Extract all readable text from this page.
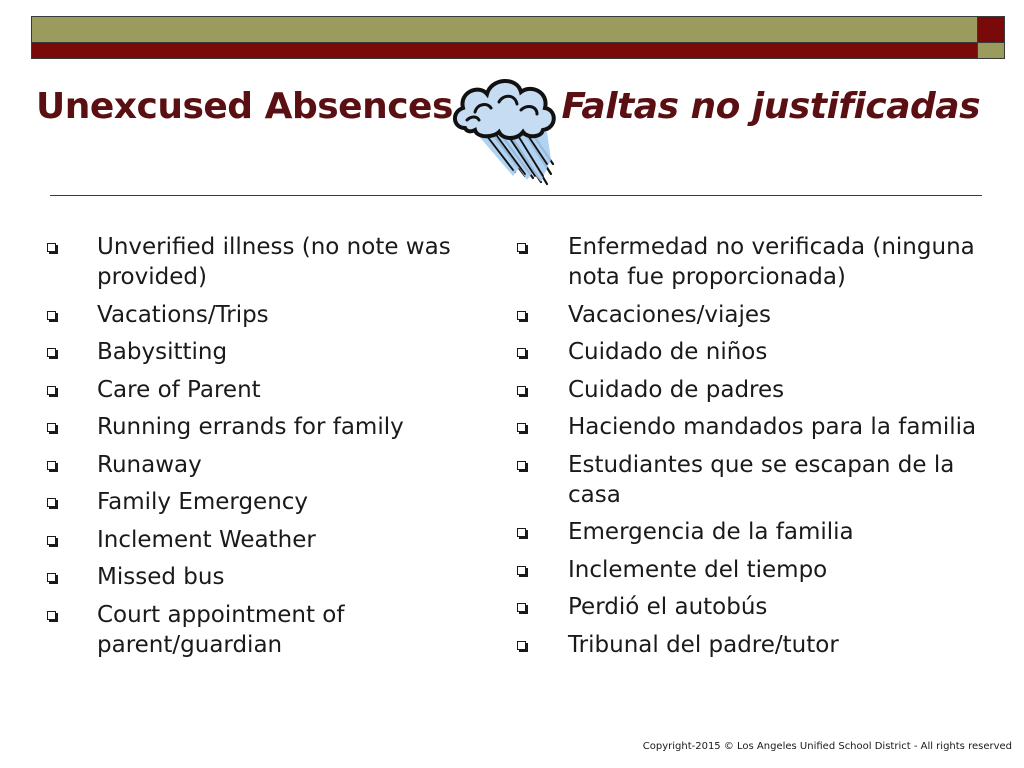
Unexcused Absences	Faltas no justificadas
Unverified illness (no note was provided)
Vacations/Trips
Babysitting
Care of Parent
Running errands for family
Runaway
Family Emergency
Inclement Weather
Missed bus
Court appointment of parent/guardian
Enfermedad no verificada (ninguna nota fue proporcionada)
Vacaciones/viajes
Cuidado de niños
Cuidado de padres
Haciendo mandados para la familia
Estudiantes que se escapan de la casa
Emergencia de la familia
Inclemente del tiempo
Perdió el autobús
Tribunal del padre/tutor
Copyright-2015 © Los Angeles Unified School District - All rights reserved
